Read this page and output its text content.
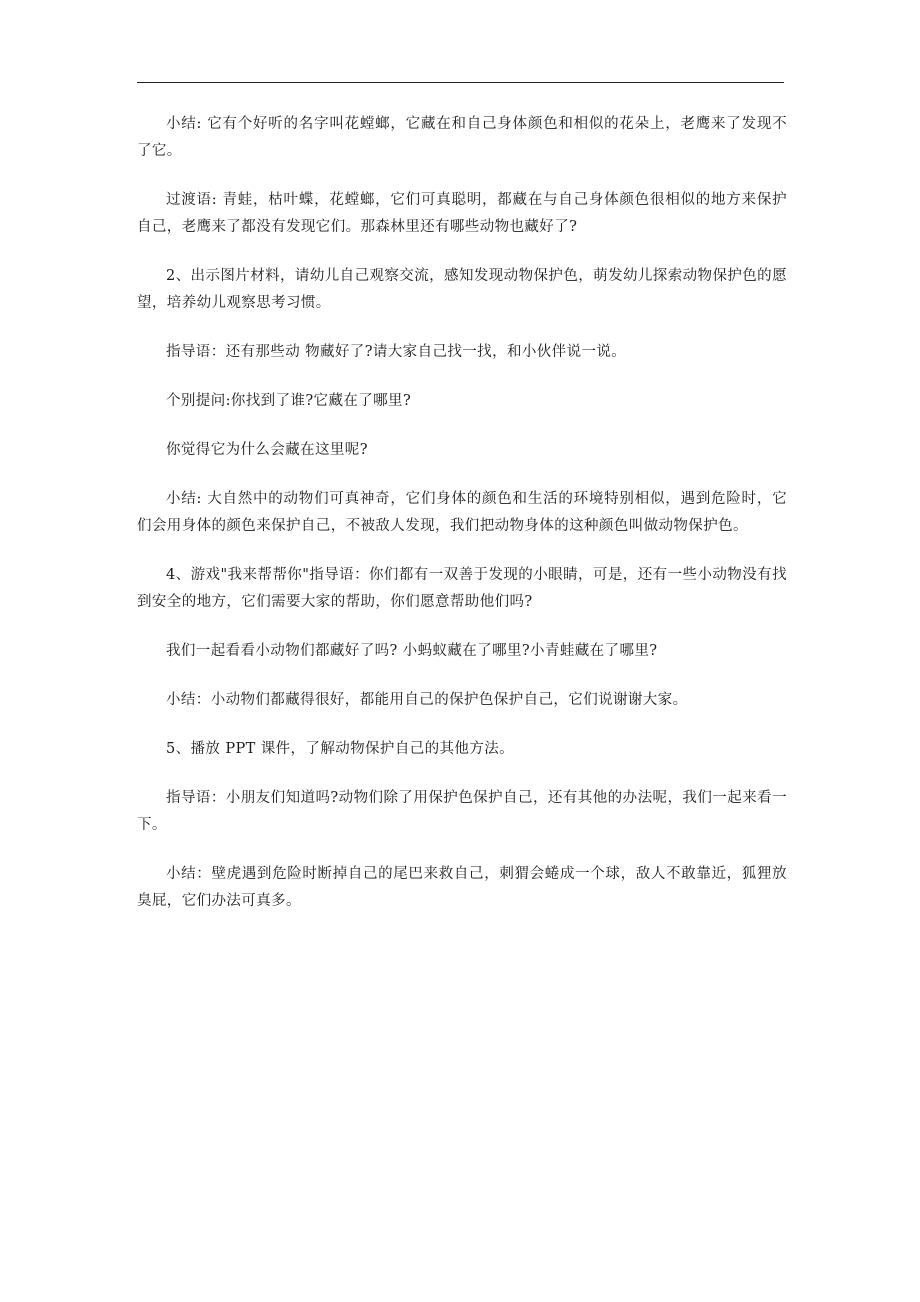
小结: 它有个好听的名字叫花螳螂，它藏在和自己身体颜色和相似的花朵上，老鹰来了发现不了它。

过渡语: 青蛙，枯叶蝶，花螳螂，它们可真聪明，都藏在与自己身体颜色很相似的地方来保护自己，老鹰来了都没有发现它们。那森林里还有哪些动物也藏好了?

2、出示图片材料，请幼儿自己观察交流，感知发现动物保护色，萌发幼儿探索动物保护色的愿望，培养幼儿观察思考习惯。

指导语：还有那些动 物藏好了?请大家自己找一找，和小伙伴说一说。

个别提问:你找到了谁?它藏在了哪里?

你觉得它为什么会藏在这里呢?

小结: 大自然中的动物们可真神奇，它们身体的颜色和生活的环境特别相似，遇到危险时，它们会用身体的颜色来保护自己，不被敌人发现，我们把动物身体的这种颜色叫做动物保护色。

4、游戏"我来帮帮你"指导语：你们都有一双善于发现的小眼睛，可是，还有一些小动物没有找到安全的地方，它们需要大家的帮助，你们愿意帮助他们吗?

我们一起看看小动物们都藏好了吗? 小蚂蚁藏在了哪里?小青蛙藏在了哪里?

小结：小动物们都藏得很好，都能用自己的保护色保护自己，它们说谢谢大家。

5、播放 PPT 课件，了解动物保护自己的其他方法。

指导语：小朋友们知道吗?动物们除了用保护色保护自己，还有其他的办法呢，我们一起来看一下。

小结：壁虎遇到危险时断掉自己的尾巴来救自己，刺猬会蜷成一个球，敌人不敢靠近，狐狸放臭屁，它们办法可真多。
